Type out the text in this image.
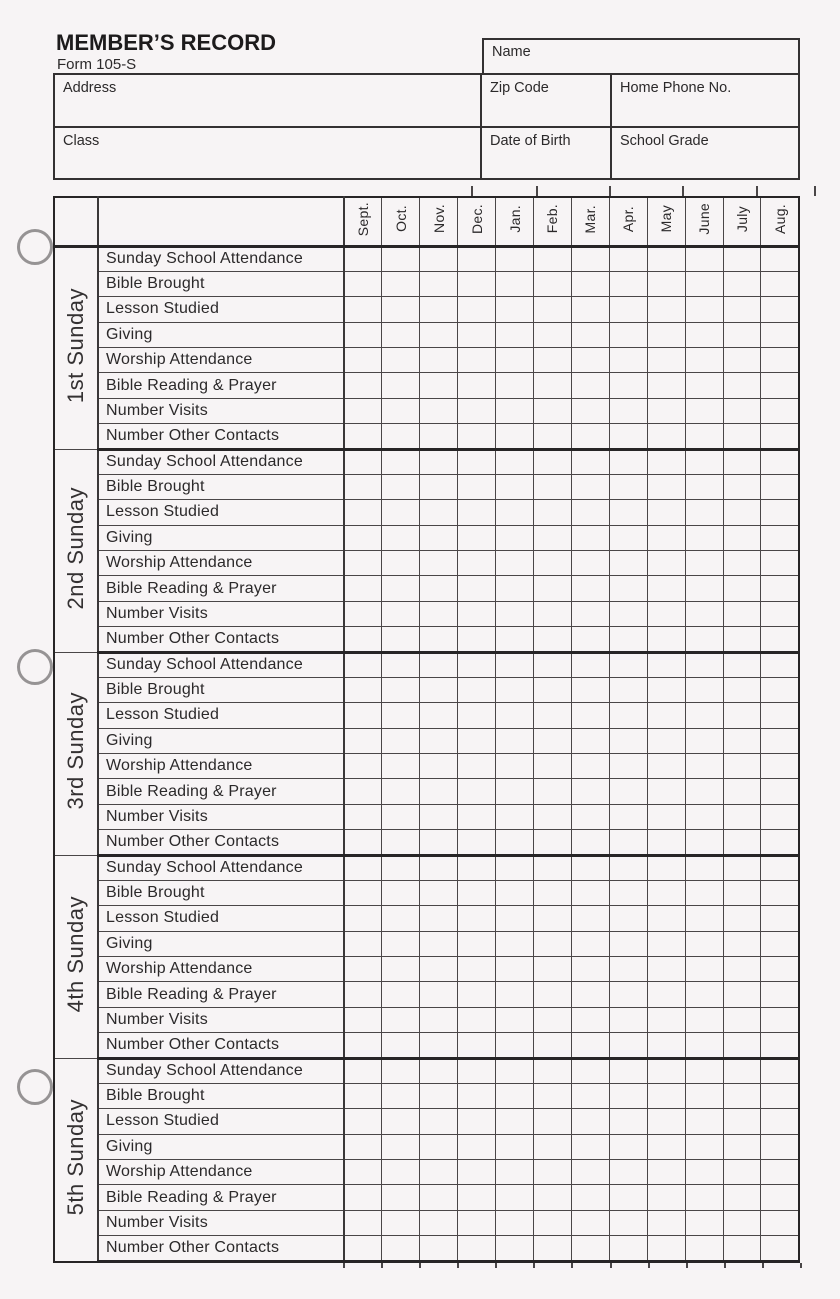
MEMBER’S RECORD
Form 105-S
Name
Address	Zip Code	Home Phone No.
Class	Date of Birth	School Grade
		Sept.	Oct.	Nov.	Dec.	Jan.	Feb.	Mar.	Apr.	May	June	July	Aug.
1st Sunday	Sunday School Attendance												
	Bible Brought												
	Lesson Studied												
	Giving												
	Worship Attendance												
	Bible Reading & Prayer												
	Number Visits												
	Number Other Contacts												
2nd Sunday	Sunday School Attendance												
	Bible Brought												
	Lesson Studied												
	Giving												
	Worship Attendance												
	Bible Reading & Prayer												
	Number Visits												
	Number Other Contacts												
3rd Sunday	Sunday School Attendance												
	Bible Brought												
	Lesson Studied												
	Giving												
	Worship Attendance												
	Bible Reading & Prayer												
	Number Visits												
	Number Other Contacts												
4th Sunday	Sunday School Attendance												
	Bible Brought												
	Lesson Studied												
	Giving												
	Worship Attendance												
	Bible Reading & Prayer												
	Number Visits												
	Number Other Contacts												
5th Sunday	Sunday School Attendance												
	Bible Brought												
	Lesson Studied												
	Giving												
	Worship Attendance												
	Bible Reading & Prayer												
	Number Visits												
	Number Other Contacts												
